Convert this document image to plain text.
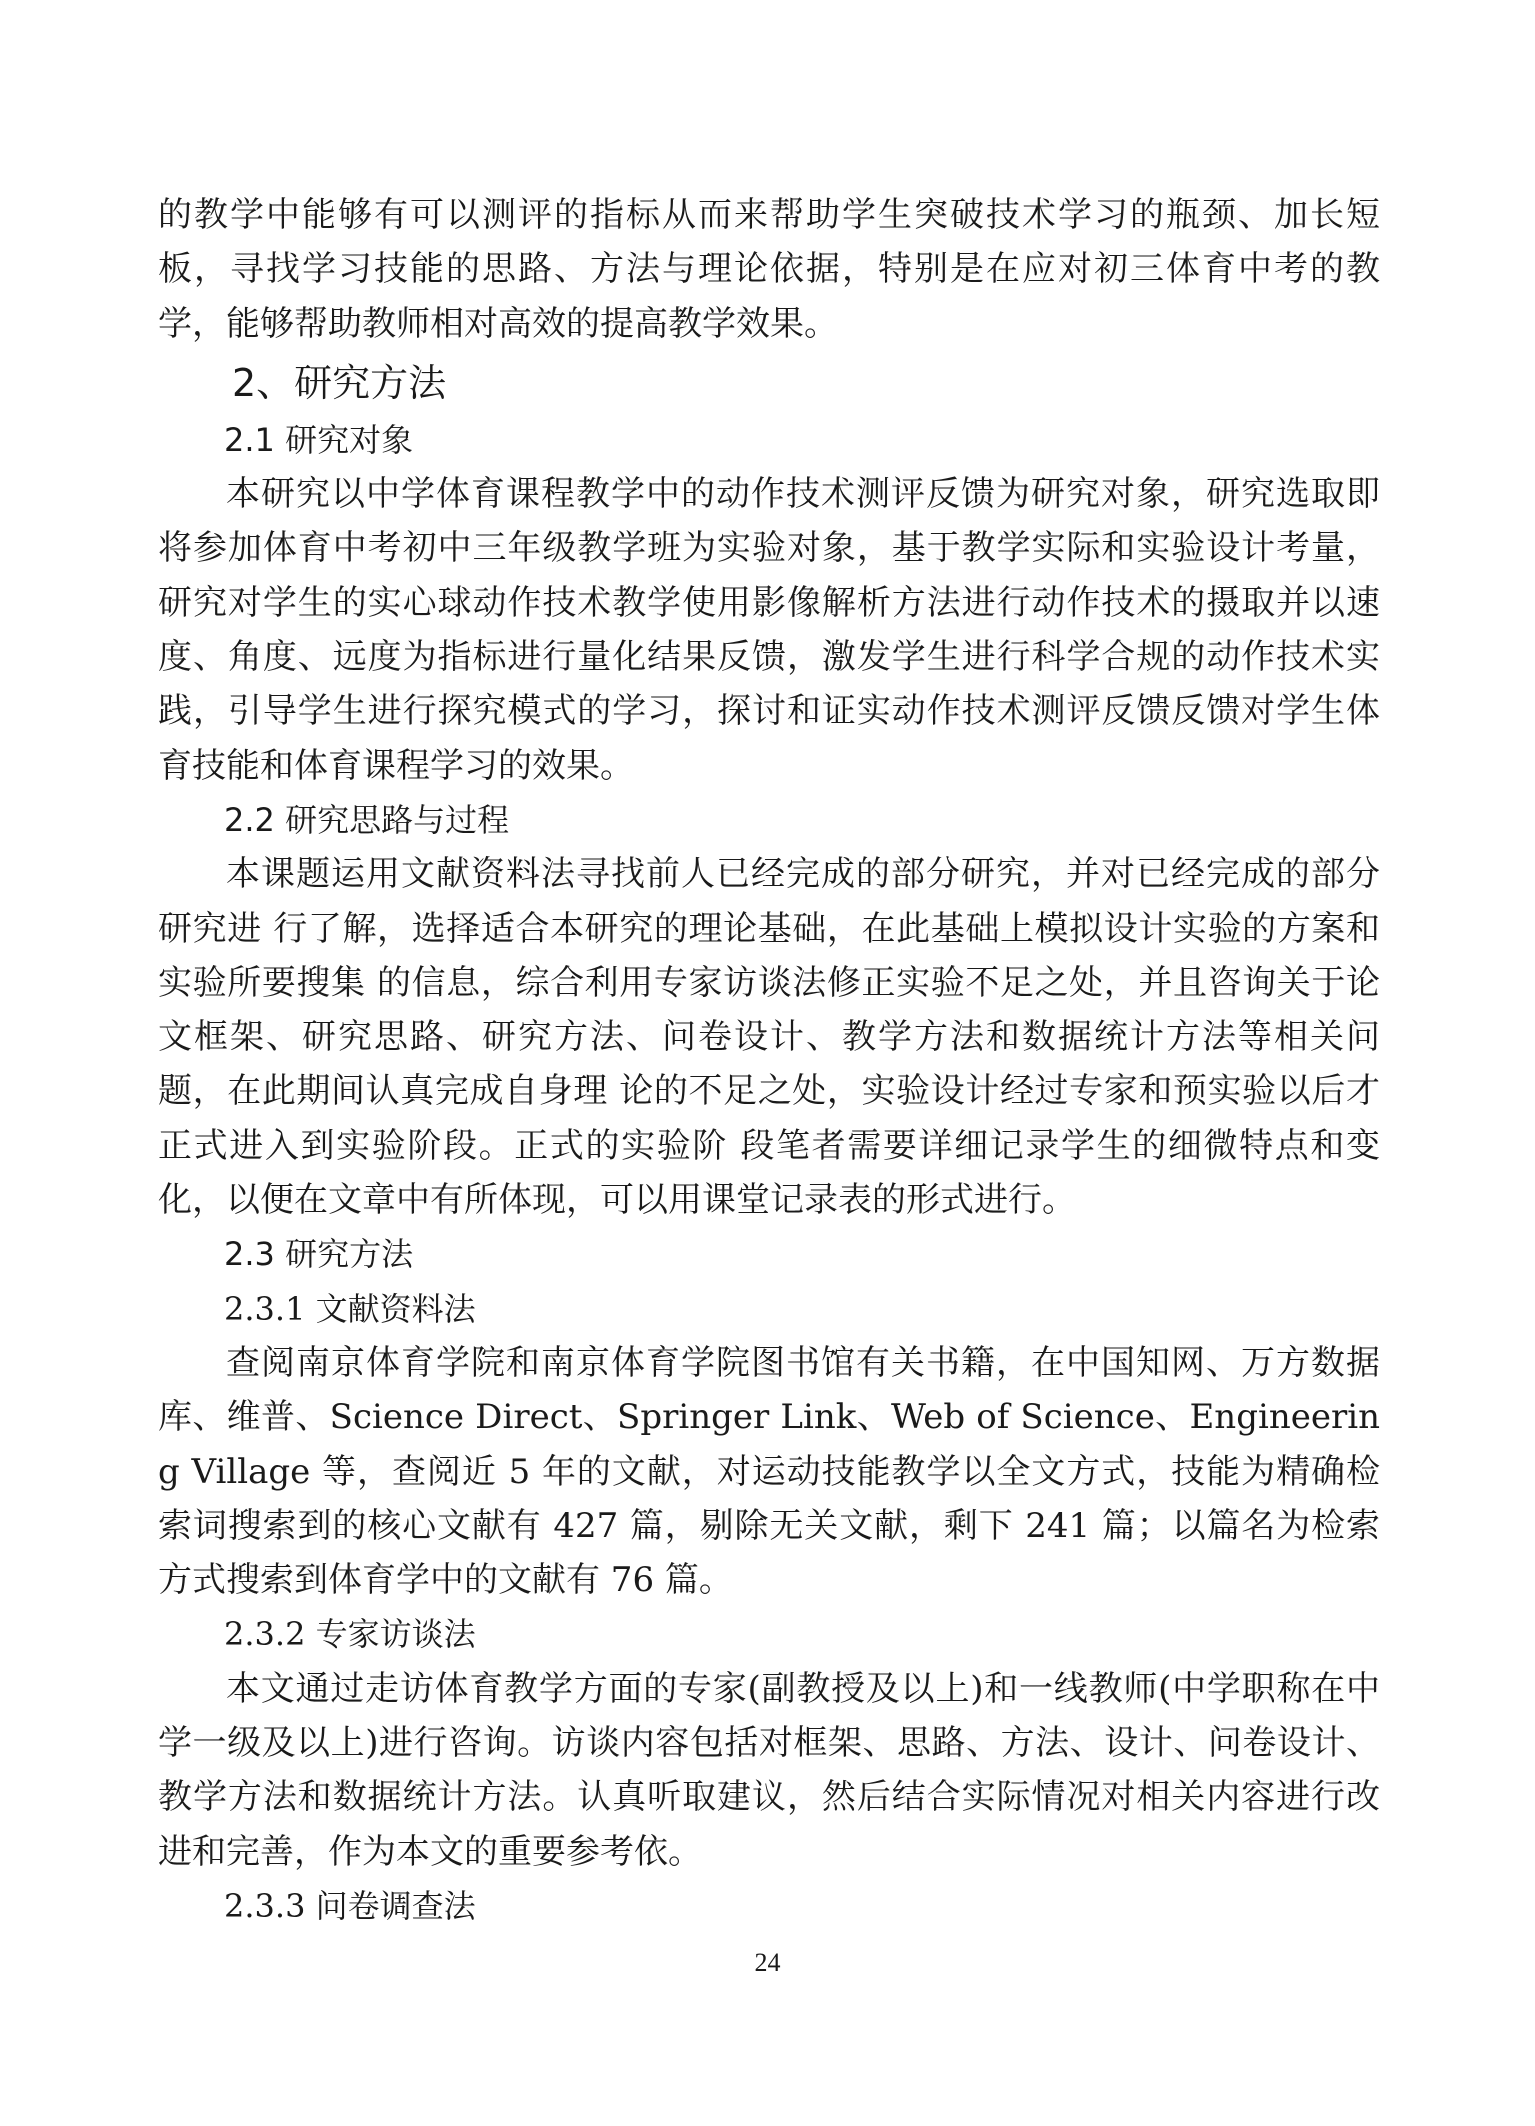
的教学中能够有可以测评的指标从而来帮助学生突破技术学习的瓶颈、加长短板，寻找学习技能的思路、方法与理论依据，特别是在应对初三体育中考的教学，能够帮助教师相对高效的提高教学效果。

2、研究方法
2.1 研究对象

本研究以中学体育课程教学中的动作技术测评反馈为研究对象，研究选取即将参加体育中考初中三年级教学班为实验对象，基于教学实际和实验设计考量，研究对学生的实心球动作技术教学使用影像解析方法进行动作技术的摄取并以速度、角度、远度为指标进行量化结果反馈，激发学生进行科学合规的动作技术实践，引导学生进行探究模式的学习，探讨和证实动作技术测评反馈反馈对学生体育技能和体育课程学习的效果。

2.2 研究思路与过程

本课题运用文献资料法寻找前人已经完成的部分研究，并对已经完成的部分研究进 行了解，选择适合本研究的理论基础，在此基础上模拟设计实验的方案和实验所要搜集 的信息，综合利用专家访谈法修正实验不足之处，并且咨询关于论文框架、研究思路、研究方法、问卷设计、教学方法和数据统计方法等相关问题，在此期间认真完成自身理 论的不足之处，实验设计经过专家和预实验以后才正式进入到实验阶段。正式的实验阶 段笔者需要详细记录学生的细微特点和变化，以便在文章中有所体现，可以用课堂记录表的形式进行。

2.3 研究方法
2.3.1 文献资料法

查阅南京体育学院和南京体育学院图书馆有关书籍，在中国知网、万方数据库、维普、Science Direct、Springer Link、Web of Science、Engineering Village 等，查阅近 5 年的文献，对运动技能教学以全文方式，技能为精确检索词搜索到的核心文献有 427 篇，剔除无关文献，剩下 241 篇；以篇名为检索方式搜索到体育学中的文献有 76 篇。

2.3.2 专家访谈法

本文通过走访体育教学方面的专家(副教授及以上)和一线教师(中学职称在中学一级及以上)进行咨询。访谈内容包括对框架、思路、方法、设计、问卷设计、教学方法和数据统计方法。认真听取建议，然后结合实际情况对相关内容进行改进和完善，作为本文的重要参考依。

2.3.3 问卷调查法
24
